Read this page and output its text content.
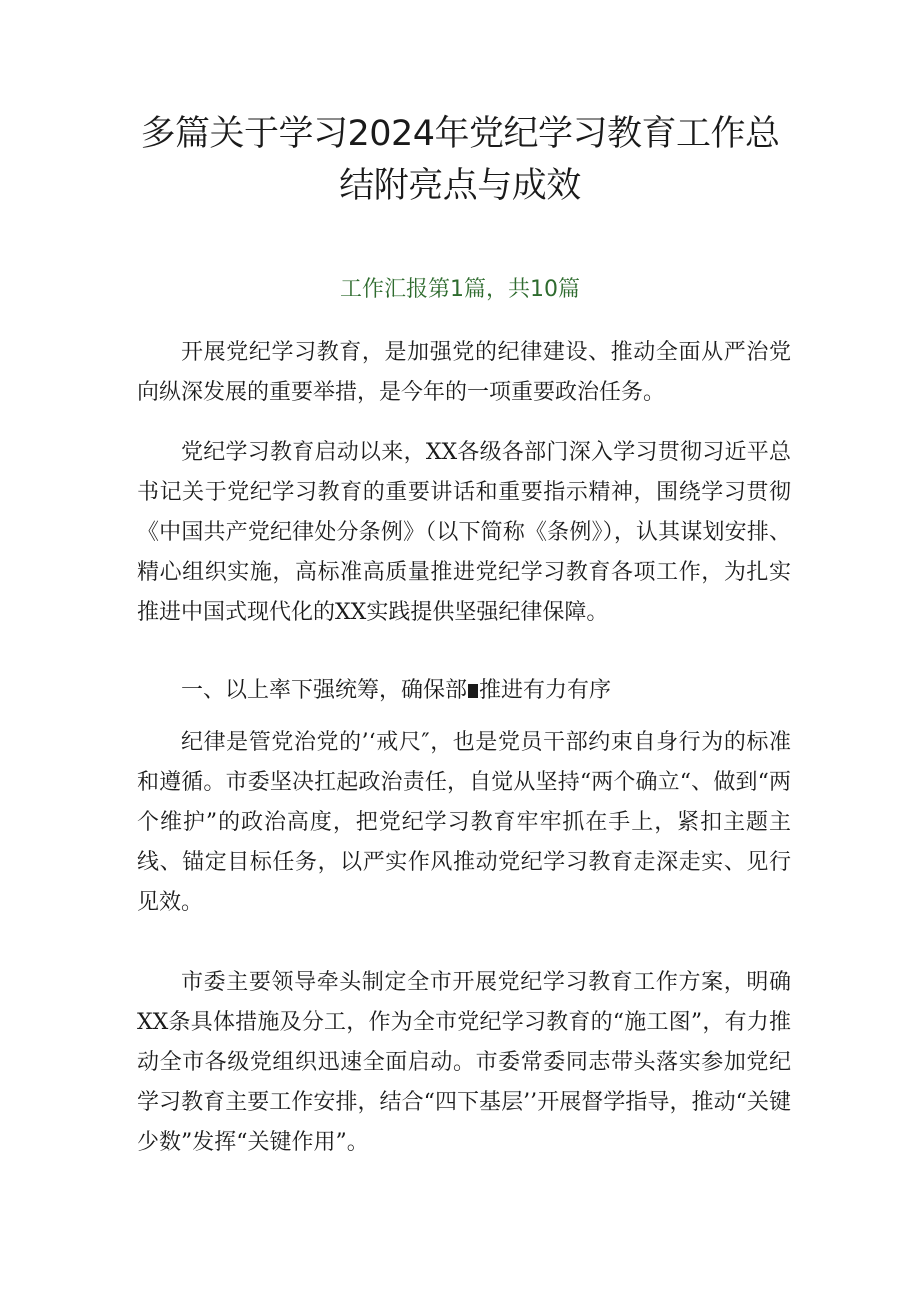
多篇关于学习2024年党纪学习教育工作总结附亮点与成效
工作汇报第1篇，共10篇

开展党纪学习教育，是加强党的纪律建设、推动全面从严治党向纵深发展的重要举措，是今年的一项重要政治任务。

党纪学习教育启动以来，XX各级各部门深入学习贯彻习近平总书记关于党纪学习教育的重要讲话和重要指示精神，围绕学习贯彻《中国共产党纪律处分条例》（以下简称《条例》），认其谋划安排、精心组织实施，高标准高质量推进党纪学习教育各项工作，为扎实推进中国式现代化的XX实践提供坚强纪律保障。

一、以上率下强统筹，确保部 推进有力有序

纪律是管党治党的’‘戒尺″，也是党员干部约束自身行为的标准和遵循。市委坚决扛起政治责任，自觉从坚持“两个确立“、做到“两个维护”的政治高度，把党纪学习教育牢牢抓在手上，紧扣主题主线、锚定目标任务，以严实作风推动党纪学习教育走深走实、见行见效。

市委主要领导牵头制定全市开展党纪学习教育工作方案，明确XX条具体措施及分工，作为全市党纪学习教育的“施工图”，有力推动全市各级党组织迅速全面启动。市委常委同志带头落实参加党纪学习教育主要工作安排，结合“四下基层’’开展督学指导，推动“关键少数”发挥“关键作用”。
